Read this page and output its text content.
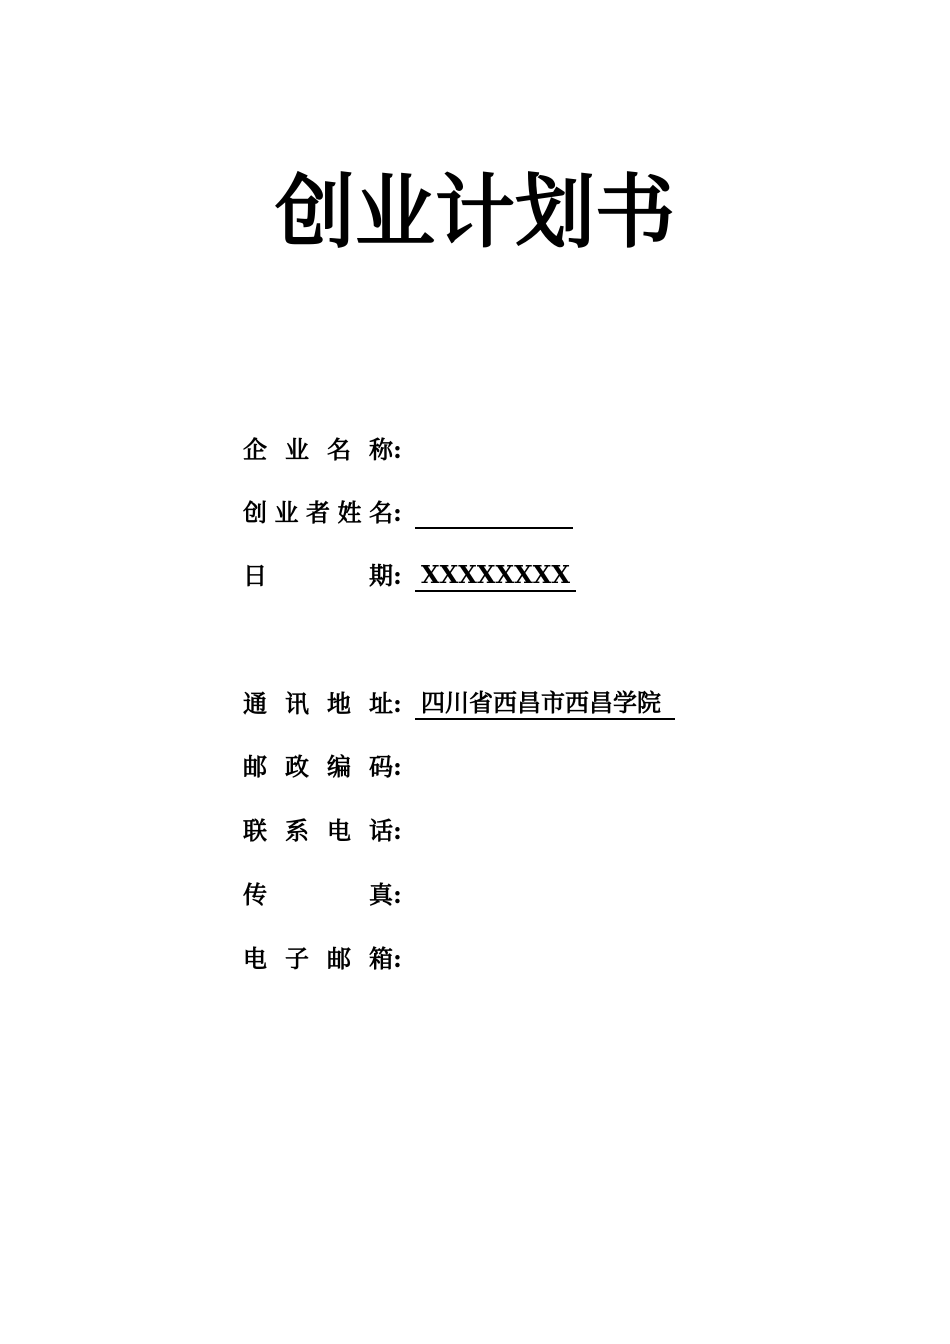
创业计划书
企业名称 :
创业者姓名 :
日期 : XXXXXXXX
通讯地址 : 四川省西昌市西昌学院
邮政编码 :
联系电话 :
传真 :
电子邮箱 :
